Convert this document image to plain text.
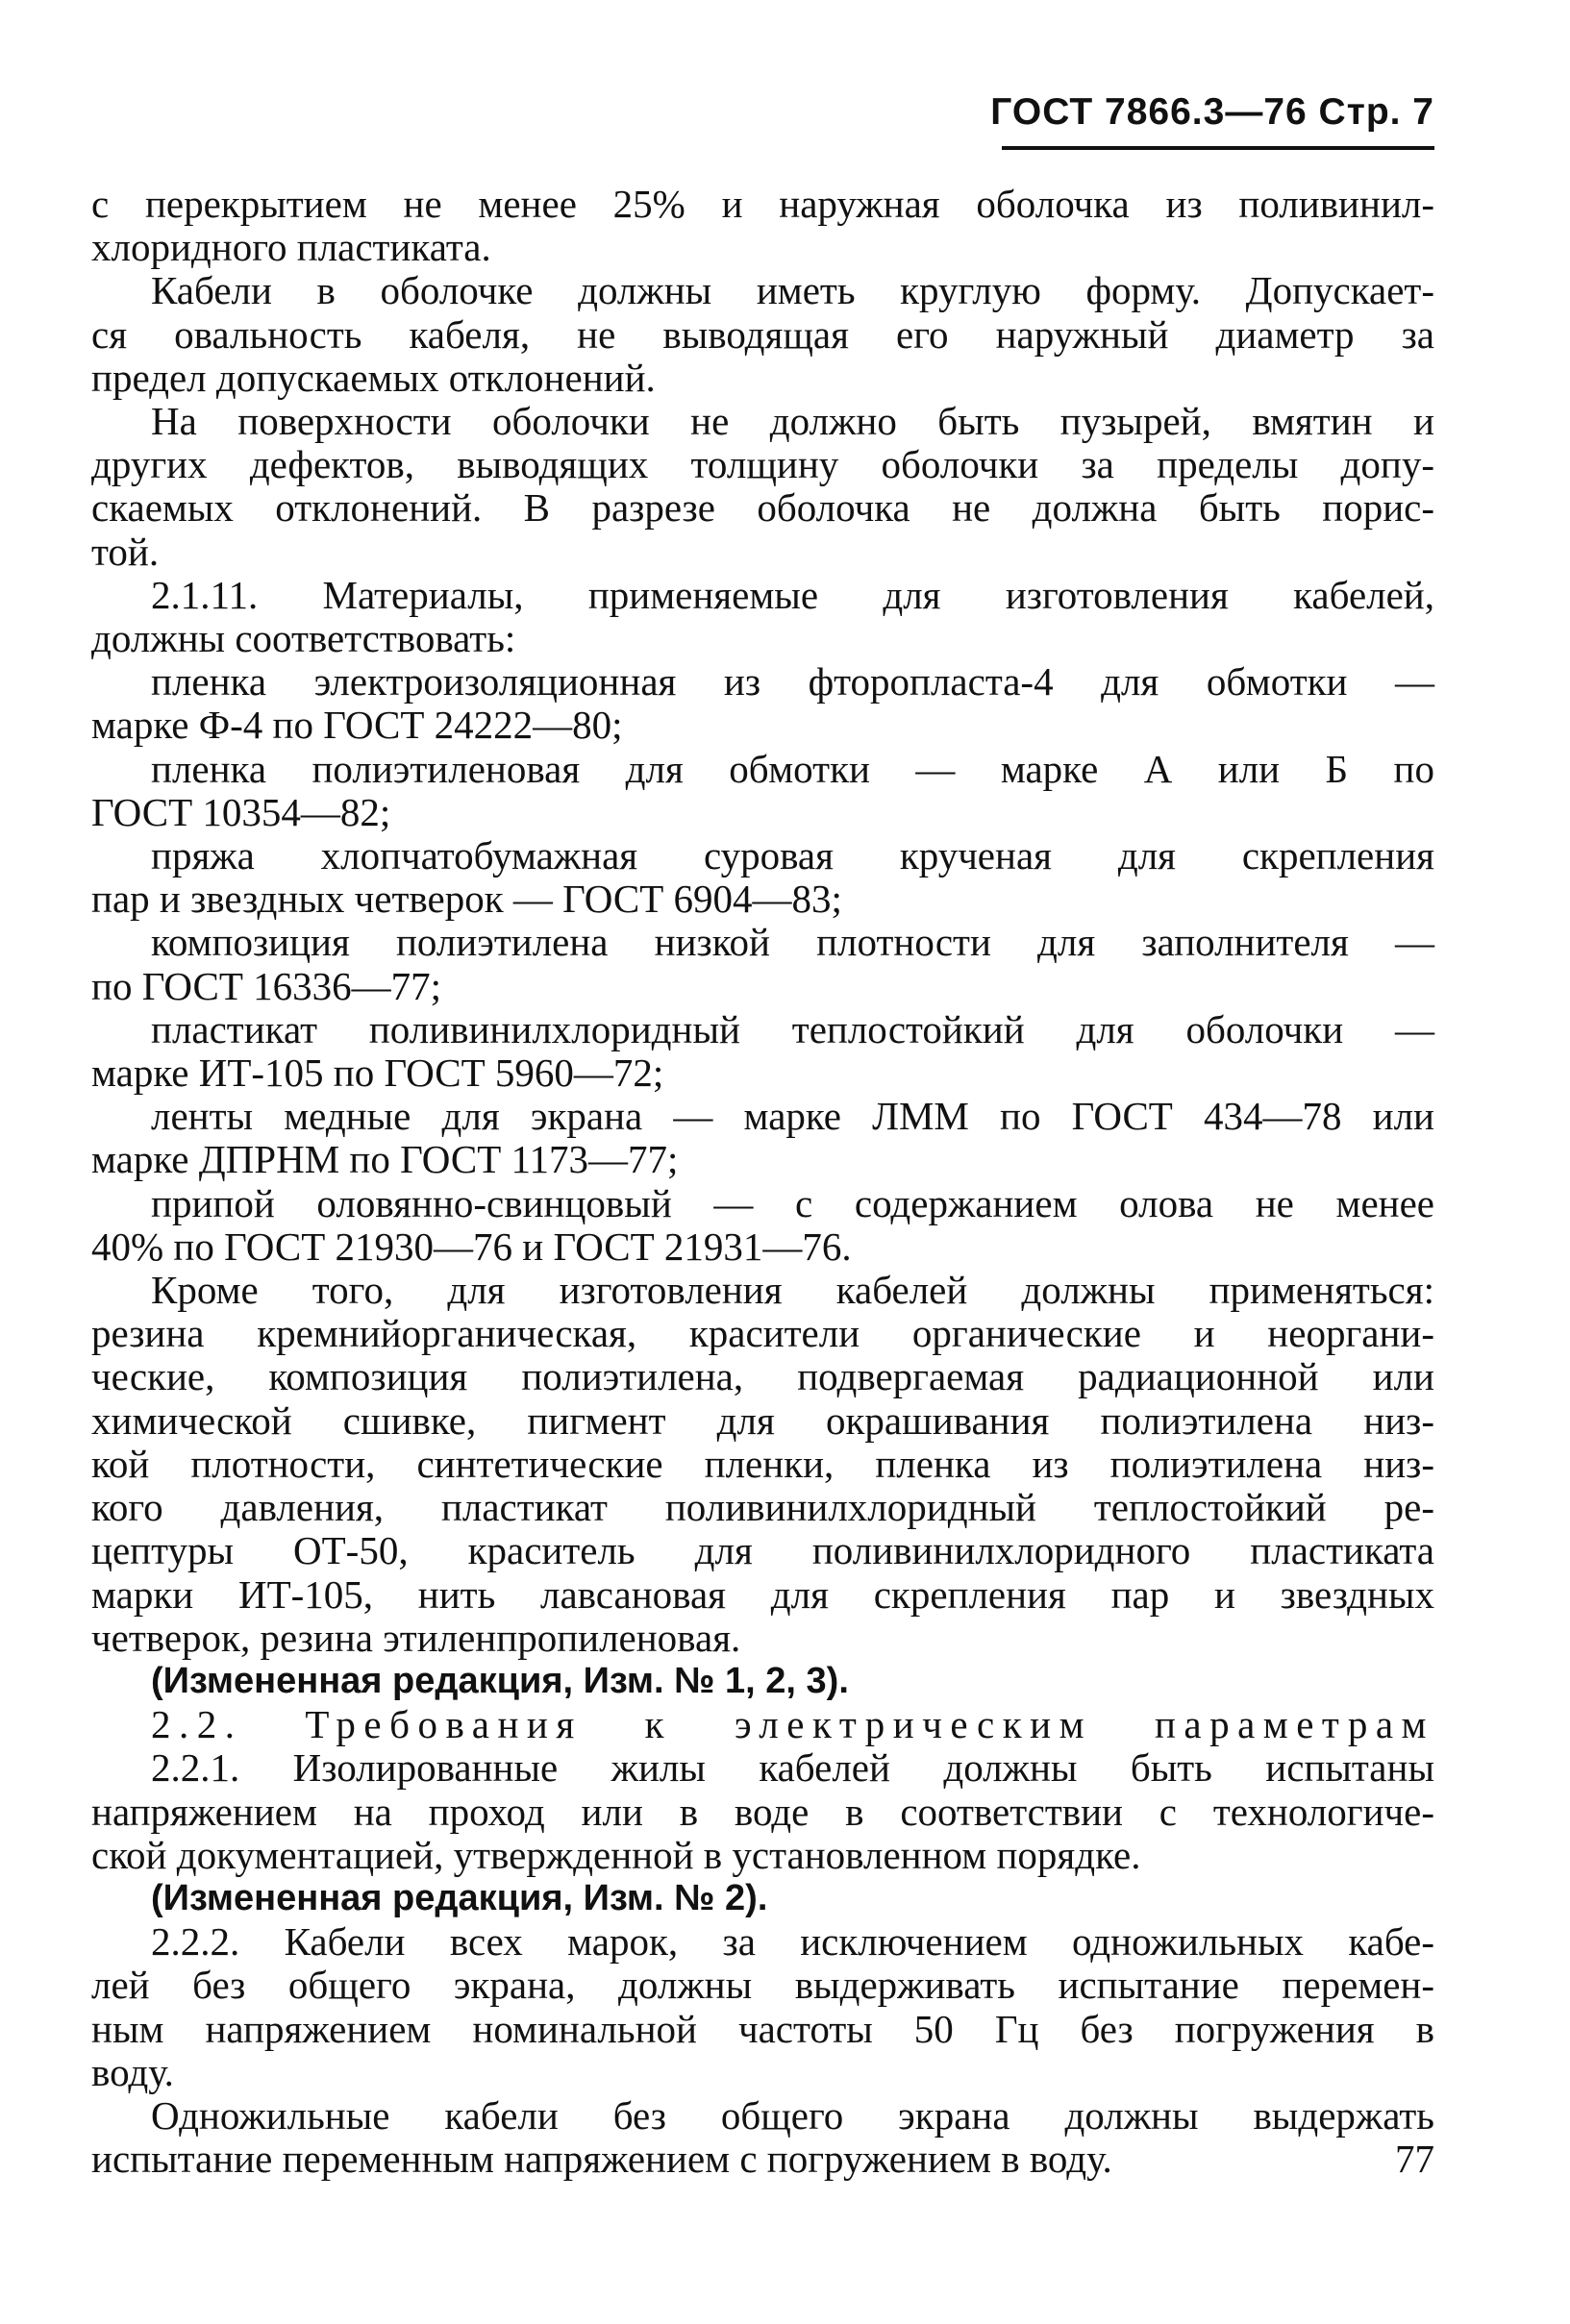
ГОСТ 7866.3—76 Стр. 7

с перекрытием не менее 25% и наружная оболочка из поливинил-

хлоридного пластиката.

Кабели в оболочке должны иметь круглую форму. Допускает-

ся овальность кабеля, не выводящая его наружный диаметр за

предел допускаемых отклонений.

На поверхности оболочки не должно быть пузырей, вмятин и

других дефектов, выводящих толщину оболочки за пределы допу-

скаемых отклонений. В разрезе оболочка не должна быть порис-

той.

2.1.11. Материалы, применяемые для изготовления кабелей,

должны соответствовать:

пленка электроизоляционная из фторопласта-4 для обмотки —

марке Ф-4 по ГОСТ 24222—80;

пленка полиэтиленовая для обмотки — марке А или Б по

ГОСТ 10354—82;

пряжа хлопчатобумажная суровая крученая для скрепления

пар и звездных четверок — ГОСТ 6904—83;

композиция полиэтилена низкой плотности для заполнителя —

по ГОСТ 16336—77;

пластикат поливинилхлоридный теплостойкий для оболочки —

марке ИТ-105 по ГОСТ 5960—72;

ленты медные для экрана — марке ЛММ по ГОСТ 434—78 или

марке ДПРНМ по ГОСТ 1173—77;

припой оловянно-свинцовый — с содержанием олова не менее

40% по ГОСТ 21930—76 и ГОСТ 21931—76.

Кроме того, для изготовления кабелей должны применяться:

резина кремнийорганическая, красители органические и неоргани-

ческие, композиция полиэтилена, подвергаемая радиационной или

химической сшивке, пигмент для окрашивания полиэтилена низ-

кой плотности, синтетические пленки, пленка из полиэтилена низ-

кого давления, пластикат поливинилхлоридный теплостойкий ре-

цептуры ОТ-50, краситель для поливинилхлоридного пластиката

марки ИТ-105, нить лавсановая для скрепления пар и звездных

четверок, резина этиленпропиленовая.

(Измененная редакция, Изм. № 1, 2, 3).

2.2. Требования к электрическим параметрам

2.2.1. Изолированные жилы кабелей должны быть испытаны

напряжением на проход или в воде в соответствии с технологиче-

ской документацией, утвержденной в установленном порядке.

(Измененная редакция, Изм. № 2).

2.2.2. Кабели всех марок, за исключением одножильных кабе-

лей без общего экрана, должны выдерживать испытание перемен-

ным напряжением номинальной частоты 50 Гц без погружения в

воду.

Одножильные кабели без общего экрана должны выдержать

испытание переменным напряжением с погружением в воду.	77
